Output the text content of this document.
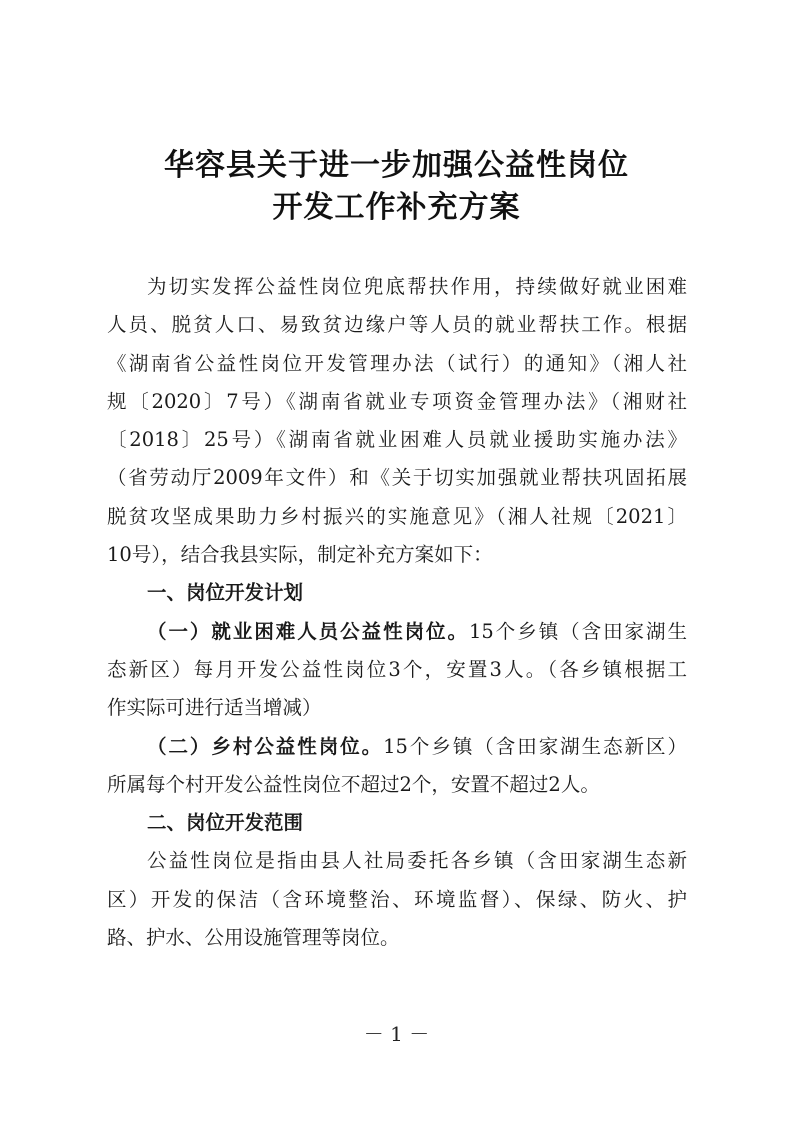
华容县关于进一步加强公益性岗位
开发工作补充方案
为切实发挥公益性岗位兜底帮扶作用，持续做好就业困难
人员、脱贫人口、易致贫边缘户等人员的就业帮扶工作。根据
《湖南省公益性岗位开发管理办法（试行）的通知》（湘人社
规〔2020〕7号）《湖南省就业专项资金管理办法》（湘财社
〔2018〕25号）《湖南省就业困难人员就业援助实施办法》
（省劳动厅2009年文件）和《关于切实加强就业帮扶巩固拓展
脱贫攻坚成果助力乡村振兴的实施意见》（湘人社规〔2021〕
10号），结合我县实际，制定补充方案如下：
一、岗位开发计划
（一）就业困难人员公益性岗位。15个乡镇（含田家湖生
态新区）每月开发公益性岗位3个，安置3人。（各乡镇根据工
作实际可进行适当增减）
（二）乡村公益性岗位。15个乡镇（含田家湖生态新区）
所属每个村开发公益性岗位不超过2个，安置不超过2人。
二、岗位开发范围
公益性岗位是指由县人社局委托各乡镇（含田家湖生态新
区）开发的保洁（含环境整治、环境监督）、保绿、防火、护
路、护水、公用设施管理等岗位。
－ 1 －
